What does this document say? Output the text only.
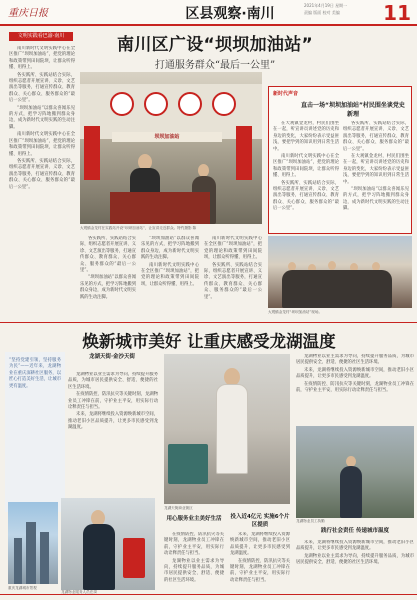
重庆日报	区县观察·南川
2021年4月19日 星期一
责编 版面 校对 美编 11
文明实践看巴渝·南川	南川区广设“坝坝加油站”
打通服务群众“最后一公里”

南川新时代文明实践中心在全区推广“坝坝加油站”，把党的理论和政策带到田间院坝，让群众听得懂、用得上。

各实践所、实践站结合实际，组织志愿者开展宣讲、义诊、文艺演出等服务，打通宣传群众、教育群众、关心群众、服务群众的“最后一公里”。

“坝坝加油站”以群众喜闻乐见的方式，把学习阵地搬到群众身边，成为新时代文明实践的生动注脚。

南川新时代文明实践中心在全区推广“坝坝加油站”，把党的理论和政策带到田间院坝，让群众听得懂、用得上。

各实践所、实践站结合实际，组织志愿者开展宣讲、义诊、文艺演出等服务，打通宣传群众、教育群众、关心群众、服务群众的“最后一公里”。

坝坝加油站
大观镇金龙村在实践站开设“坝坝加油站”，让宣讲走近群众。特约摄影 陈

各实践所、实践站结合实际，组织志愿者开展宣讲、义诊、文艺演出等服务，打通宣传群众、教育群众、关心群众、服务群众的“最后一公里”。

“坝坝加油站”以群众喜闻乐见的方式，把学习阵地搬到群众身边，成为新时代文明实践的生动注脚。

“坝坝加油站”以群众喜闻乐见的方式，把学习阵地搬到群众身边，成为新时代文明实践的生动注脚。

南川新时代文明实践中心在全区推广“坝坝加油站”，把党的理论和政策带到田间院坝，让群众听得懂、用得上。

南川新时代文明实践中心在全区推广“坝坝加油站”，把党的理论和政策带到田间院坝，让群众听得懂、用得上。

各实践所、实践站结合实际，组织志愿者开展宣讲、义诊、文艺演出等服务，打通宣传群众、教育群众、关心群众、服务群众的“最后一公里”。

新时代声音
直击一场“坝坝加油站”村民围坐谈党史新理

在大观镇金龙村，村民们围坐在一起，听宣讲员讲述党的历史和身边的变化，大家纷纷表示受益匪浅，要把学到的知识用到日常生活中。

南川新时代文明实践中心在全区推广“坝坝加油站”，把党的理论和政策带到田间院坝，让群众听得懂、用得上。

各实践所、实践站结合实际，组织志愿者开展宣讲、义诊、文艺演出等服务，打通宣传群众、教育群众、关心群众、服务群众的“最后一公里”。

各实践所、实践站结合实际，组织志愿者开展宣讲、义诊、文艺演出等服务，打通宣传群众、教育群众、关心群众、服务群众的“最后一公里”。

在大观镇金龙村，村民们围坐在一起，听宣讲员讲述党的历史和身边的变化，大家纷纷表示受益匪浅，要把学到的知识用到日常生活中。

“坝坝加油站”以群众喜闻乐见的方式，把学习阵地搬到群众身边，成为新时代文明实践的生动注脚。

大观镇金龙村“坝坝加油站”现场。
焕新城市美好 让重庆感受龙湖温度
“坚持党建引领，坚持服务为民”——近年来，龙湖物业在重庆深耕社区服务，以匠心打造美好生活，让城市更有温度。
龙湖天街·金沙天街

龙湖物业以业主需求为导向，持续提升服务品质，为城市居民提供安全、舒适、便捷的社区生活环境。

在疫情防控、防汛抗灾等关键时刻，龙湖物业员工冲锋在前，守护业主平安，用实际行动诠释责任与担当。

未来，龙湖将继续投入资源焕新城市空间，推动老旧小区品质提升，让更多市民感受到龙湖温度。

重庆龙湖城市景观
龙湖物业服务人员在岗
龙湖天街商业街区
用心服务业主美好生活

在疫情防控、防汛抗灾等关键时刻，龙湖物业员工冲锋在前，守护业主平安，用实际行动诠释责任与担当。

龙湖物业以业主需求为导向，持续提升服务品质，为城市居民提供安全、舒适、便捷的社区生活环境。

投入近4亿元 实施6个片区提质

未来，龙湖将继续投入资源焕新城市空间，推动老旧小区品质提升，让更多市民感受到龙湖温度。

在疫情防控、防汛抗灾等关键时刻，龙湖物业员工冲锋在前，守护业主平安，用实际行动诠释责任与担当。

龙湖物业以业主需求为导向，持续提升服务品质，为城市居民提供安全、舒适、便捷的社区生活环境。

未来，龙湖将继续投入资源焕新城市空间，推动老旧小区品质提升，让更多市民感受到龙湖温度。

在疫情防控、防汛抗灾等关键时刻，龙湖物业员工冲锋在前，守护业主平安，用实际行动诠释责任与担当。

龙湖物业员工执勤
践行社会责任 传递城市温度

未来，龙湖将继续投入资源焕新城市空间，推动老旧小区品质提升，让更多市民感受到龙湖温度。

龙湖物业以业主需求为导向，持续提升服务品质，为城市居民提供安全、舒适、便捷的社区生活环境。
